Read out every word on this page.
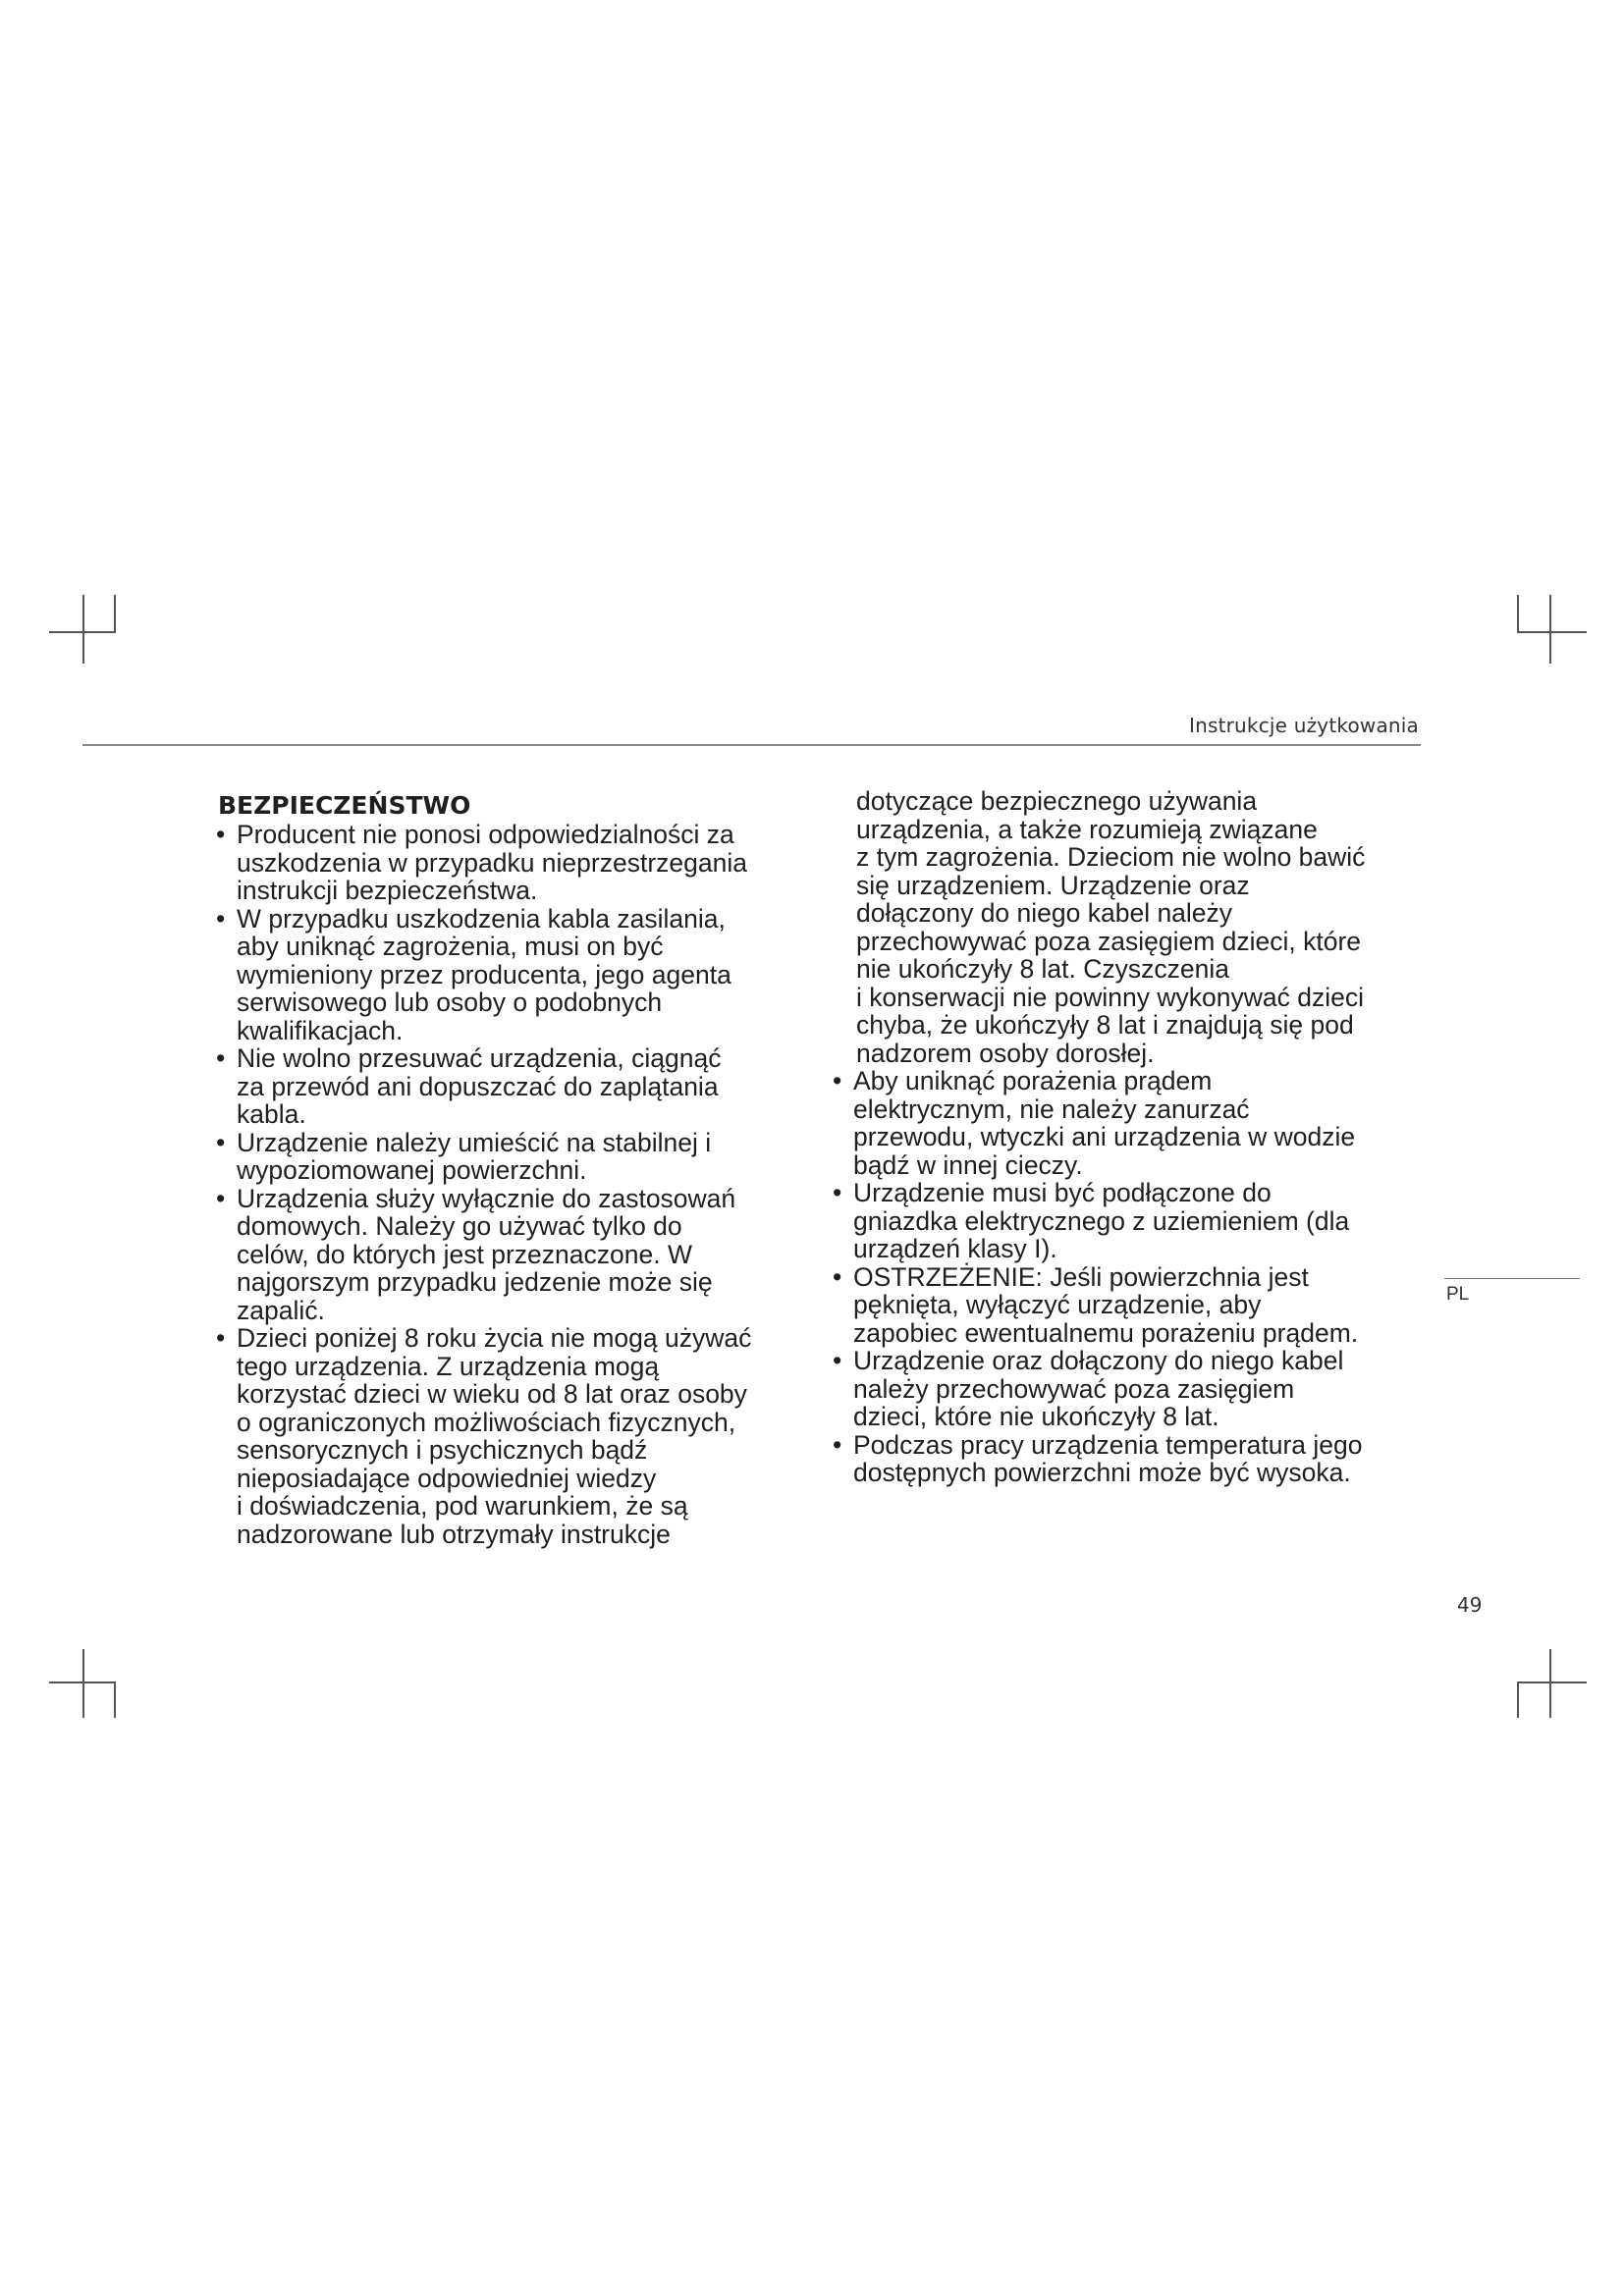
Instrukcje użytkowania
BEZPIECZEŃSTWO
• Producent nie ponosi odpowiedzialności za
uszkodzenia w przypadku nieprzestrzegania
instrukcji bezpieczeństwa.
• W przypadku uszkodzenia kabla zasilania,
aby uniknąć zagrożenia, musi on być
wymieniony przez producenta, jego agenta
serwisowego lub osoby o podobnych
kwalifikacjach.
• Nie wolno przesuwać urządzenia, ciągnąć
za przewód ani dopuszczać do zaplątania
kabla.
• Urządzenie należy umieścić na stabilnej i
wypoziomowanej powierzchni.
• Urządzenia służy wyłącznie do zastosowań
domowych. Należy go używać tylko do
celów, do których jest przeznaczone. W
najgorszym przypadku jedzenie może się
zapalić.
• Dzieci poniżej 8 roku życia nie mogą używać
tego urządzenia. Z urządzenia mogą
korzystać dzieci w wieku od 8 lat oraz osoby
o ograniczonych możliwościach fizycznych,
sensorycznych i psychicznych bądź
nieposiadające odpowiedniej wiedzy
i doświadczenia, pod warunkiem, że są
nadzorowane lub otrzymały instrukcje
dotyczące bezpiecznego używania
urządzenia, a także rozumieją związane
z tym zagrożenia. Dzieciom nie wolno bawić
się urządzeniem. Urządzenie oraz
dołączony do niego kabel należy
przechowywać poza zasięgiem dzieci, które
nie ukończyły 8 lat. Czyszczenia
i konserwacji nie powinny wykonywać dzieci
chyba, że ukończyły 8 lat i znajdują się pod
nadzorem osoby dorosłej.
• Aby uniknąć porażenia prądem
elektrycznym, nie należy zanurzać
przewodu, wtyczki ani urządzenia w wodzie
bądź w innej cieczy.
• Urządzenie musi być podłączone do
gniazdka elektrycznego z uziemieniem (dla
urządzeń klasy I).
• OSTRZEŻENIE: Jeśli powierzchnia jest
pęknięta, wyłączyć urządzenie, aby
zapobiec ewentualnemu porażeniu prądem.
• Urządzenie oraz dołączony do niego kabel
należy przechowywać poza zasięgiem
dzieci, które nie ukończyły 8 lat.
• Podczas pracy urządzenia temperatura jego
dostępnych powierzchni może być wysoka.
PL
49
